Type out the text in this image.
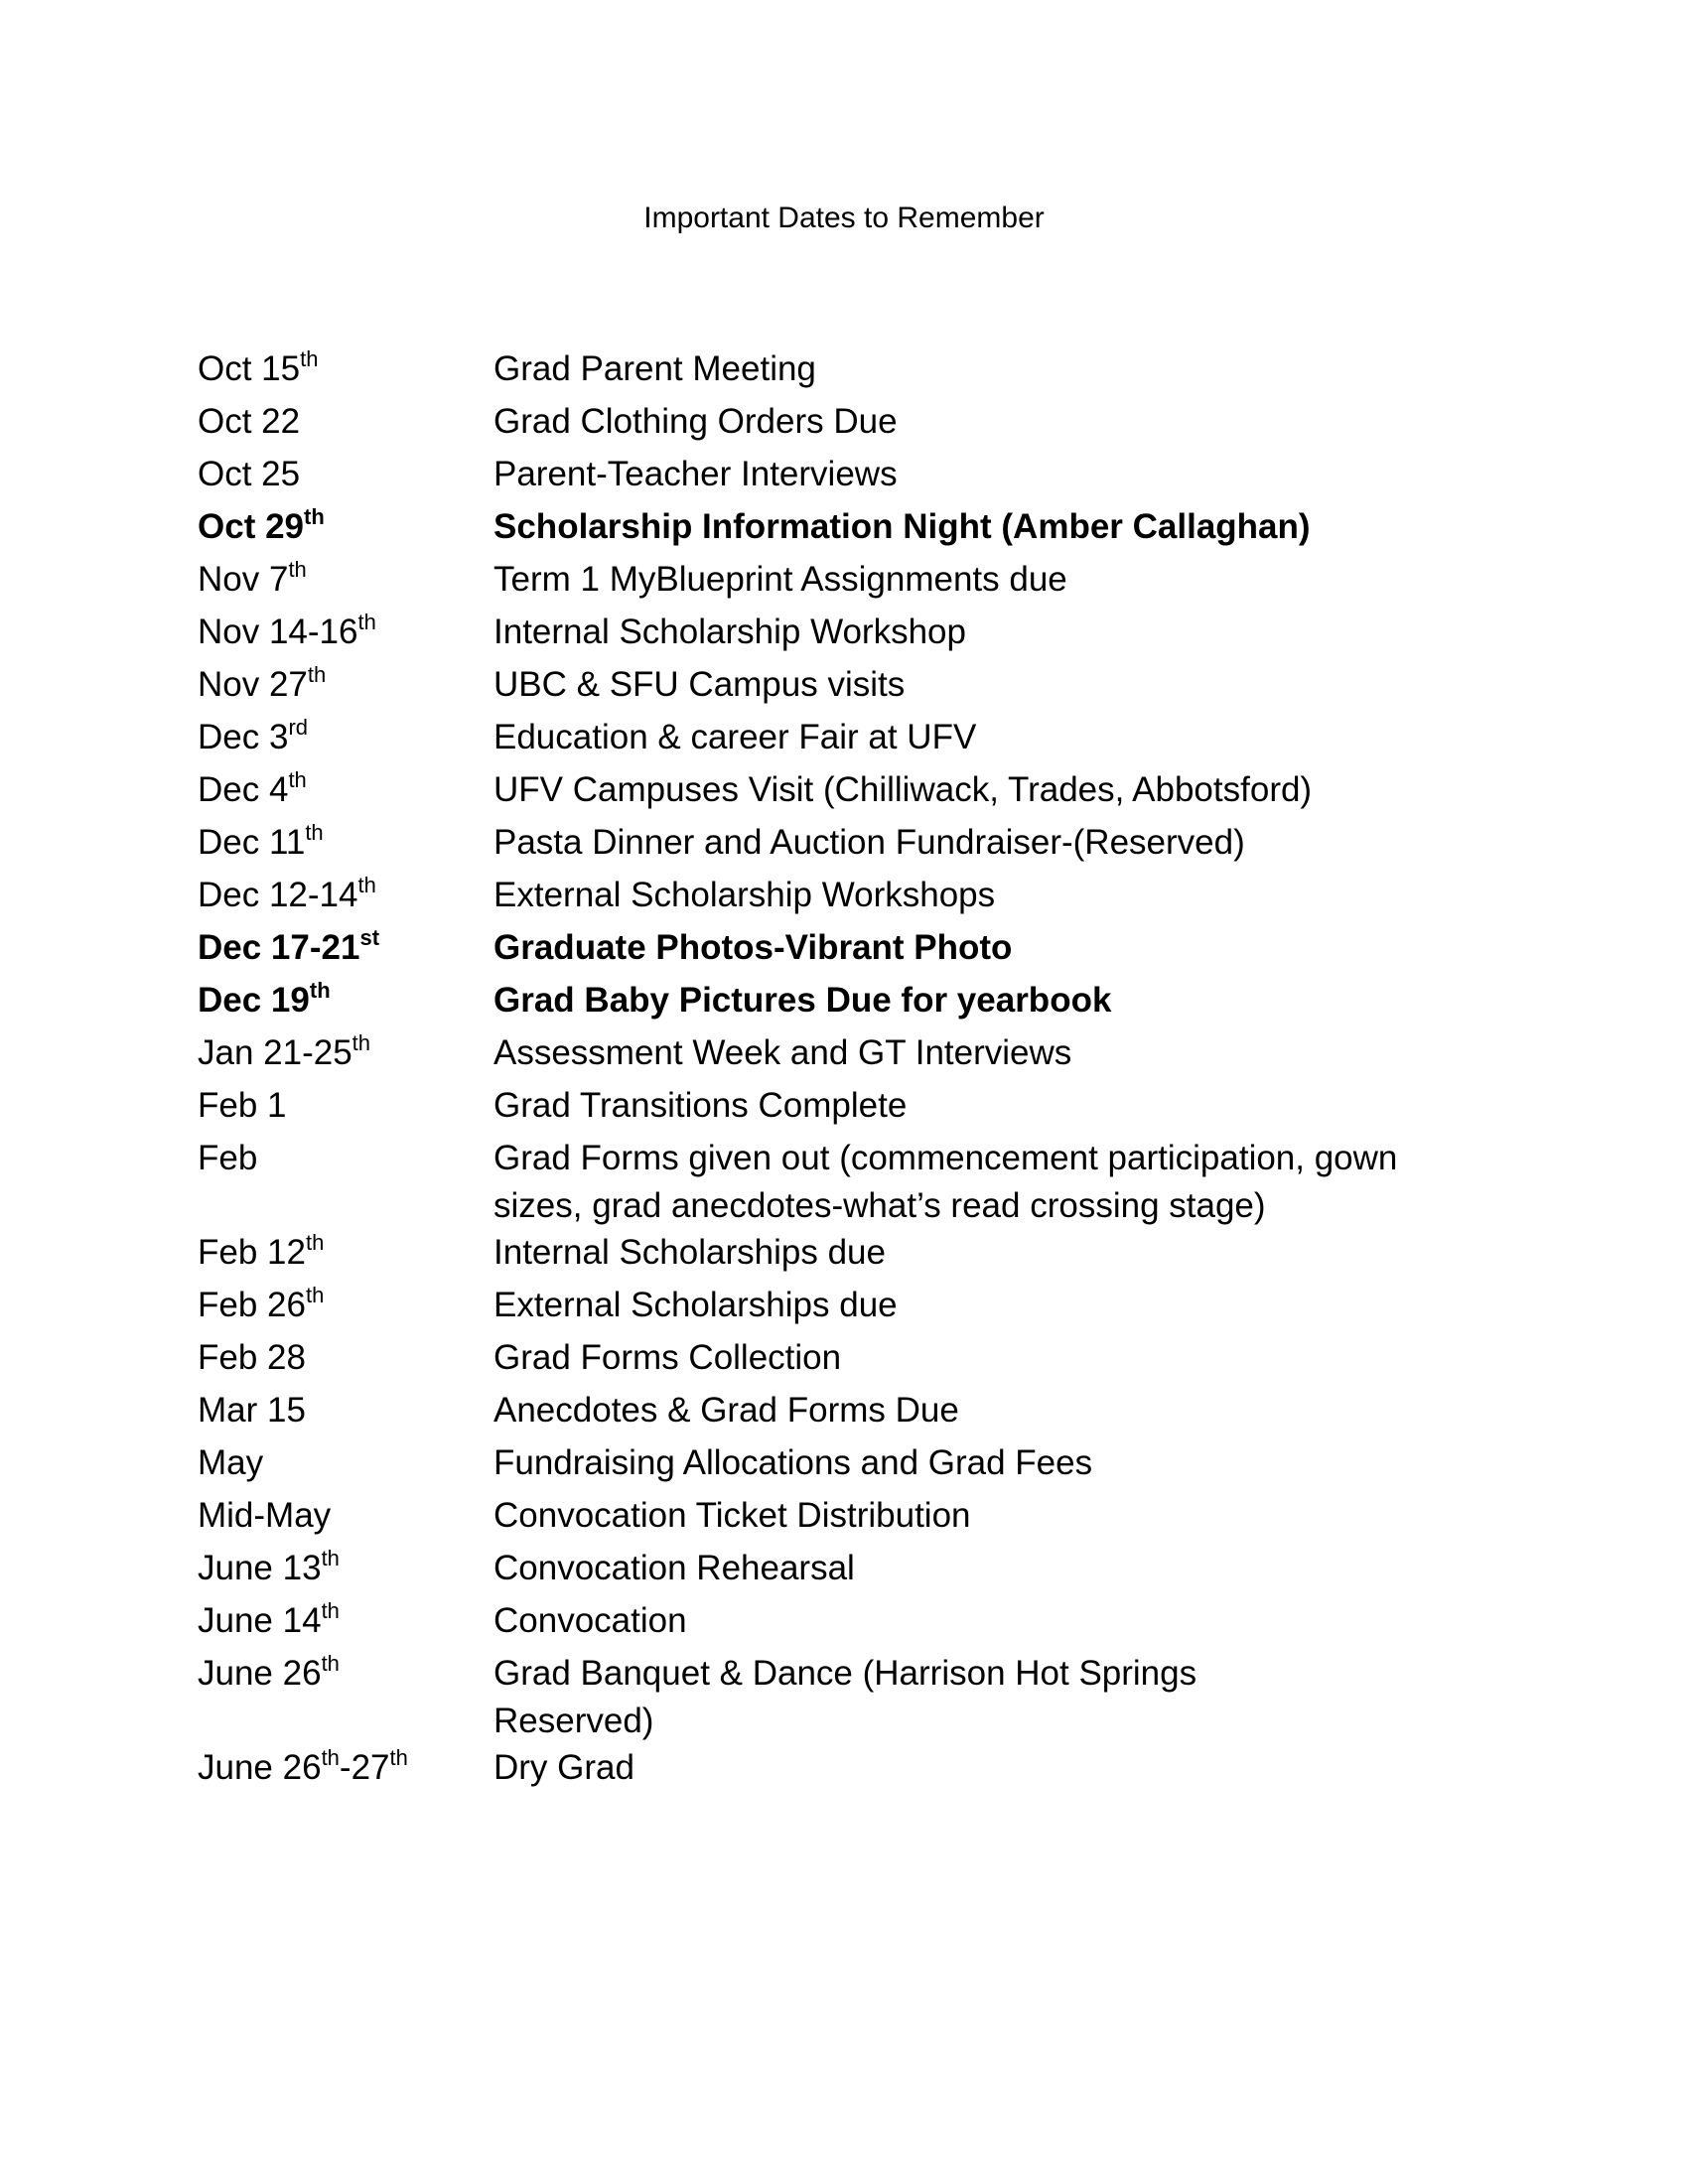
Important Dates to Remember
Oct 15th	Grad Parent Meeting
Oct 22	Grad Clothing Orders Due
Oct 25	Parent-Teacher Interviews
Oct 29th	Scholarship Information Night (Amber Callaghan)
Nov 7th	Term 1 MyBlueprint Assignments due
Nov 14-16th	Internal Scholarship Workshop
Nov 27th	UBC & SFU Campus visits
Dec 3rd	Education & career Fair at UFV
Dec 4th	UFV Campuses Visit (Chilliwack, Trades, Abbotsford)
Dec 11th	Pasta Dinner and Auction Fundraiser-(Reserved)
Dec 12-14th	External Scholarship Workshops
Dec 17-21st	Graduate Photos-Vibrant Photo
Dec 19th	Grad Baby Pictures Due for yearbook
Jan 21-25th	Assessment Week and GT Interviews
Feb 1	Grad Transitions Complete
Feb	Grad Forms given out (commencement participation, gown sizes, grad anecdotes-what’s read crossing stage)
Feb 12th	Internal Scholarships due
Feb 26th	External Scholarships due
Feb 28	Grad Forms Collection
Mar 15	Anecdotes & Grad Forms Due
May	Fundraising Allocations and Grad Fees
Mid-May	Convocation Ticket Distribution
June 13th	Convocation Rehearsal
June 14th	Convocation
June 26th	Grad Banquet & Dance (Harrison Hot Springs Reserved)
June 26th-27th	Dry Grad
